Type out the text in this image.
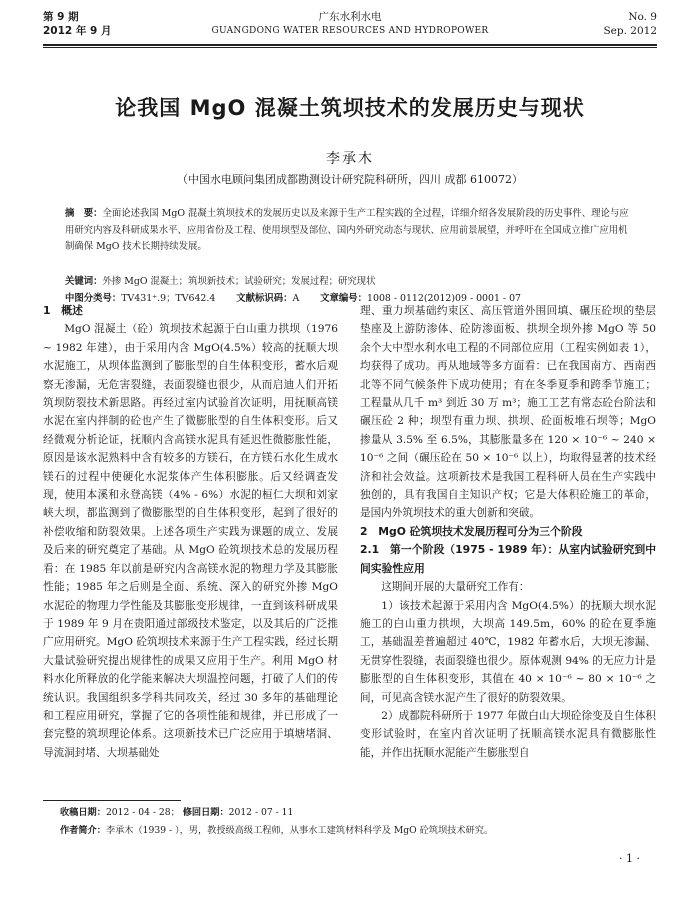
第 9 期
2012 年 9 月
广东水利水电
GUANGDONG WATER RESOURCES AND HYDROPOWER
No. 9
Sep. 2012
论我国 MgO 混凝土筑坝技术的发展历史与现状
李承木
（中国水电顾问集团成都勘测设计研究院科研所，四川 成都 610072）
摘　要：全面论述我国 MgO 混凝土筑坝技术的发展历史以及来源于生产工程实践的全过程，详细介绍各发展阶段的历史事件、理论与应用研究内容及科研成果水平、应用省份及工程、使用坝型及部位、国内外研究动态与现状、应用前景展望，并呼吁在全国成立推广应用机制确保 MgO 技术长期持续发展。
关键词：外掺 MgO 混凝土；筑坝新技术；试验研究；发展过程；研究现状
中图分类号：TV431⁺.9；TV642.4 文献标识码：A 文章编号：1008 - 0112(2012)09 - 0001 - 07
1　概述

MgO 混凝土（砼）筑坝技术起源于白山重力拱坝（1976 ~ 1982 年建），由于采用内含 MgO(4.5%）较高的抚顺大坝水泥施工，从坝体监测到了膨胀型的自生体积变形，蓄水后观察无渗漏，无危害裂缝，表面裂缝也很少，从而启迪人们开拓筑坝防裂技术新思路。再经过室内试验首次证明，用抚顺高镁水泥在室内拌制的砼也产生了微膨胀型的自生体积变形。后又经微观分析论证，抚顺内含高镁水泥具有延迟性微膨胀性能，原因是该水泥熟料中含有较多的方镁石，在方镁石水化生成水镁石的过程中使硬化水泥浆体产生体积膨胀。后又经调查发现，使用本溪和永登高镁（4% - 6%）水泥的桓仁大坝和刘家峡大坝，都监测到了微膨胀型的自生体积变形，起到了很好的补偿收缩和防裂效果。上述各项生产实践为课题的成立、发展及后来的研究奠定了基础。从 MgO 砼筑坝技术总的发展历程看：在 1985 年以前是研究内含高镁水泥的物理力学及其膨胀性能；1985 年之后则是全面、系统、深入的研究外掺 MgO 水泥砼的物理力学性能及其膨胀变形规律，一直到该科研成果于 1989 年 9 月在贵阳通过部级技术鉴定，以及其后的广泛推广应用研究。MgO 砼筑坝技术来源于生产工程实践，经过长期大量试验研究提出规律性的成果又应用于生产。利用 MgO 材料水化所释放的化学能来解决大坝温控问题，打破了人们的传统认识。我国组织多学科共同攻关，经过 30 多年的基础理论和工程应用研究，掌握了它的各项性能和规律，并已形成了一套完整的筑坝理论体系。这项新技术已广泛应用于填塘堵洞、导流洞封堵、大坝基础处

理、重力坝基础约束区、高压管道外围回填、碾压砼坝的垫层垫座及上游防渗体、砼防渗面板、拱坝全坝外掺 MgO 等 50 余个大中型水利水电工程的不同部位应用（工程实例如表 1），均获得了成功。再从地域等多方面看：已在我国南方、西南西北等不同气候条件下成功使用；有在冬季夏季和跨季节施工；工程量从几千 m³ 到近 30 万 m³；施工工艺有常态砼台阶法和碾压砼 2 种；坝型有重力坝、拱坝、砼面板堆石坝等；MgO 掺量从 3.5% 至 6.5%，其膨胀量多在 120 × 10⁻⁶ ~ 240 × 10⁻⁶ 之间（碾压砼在 50 × 10⁻⁶ 以上），均取得显著的技术经济和社会效益。这项新技术是我国工程科研人员在生产实践中独创的，具有我国自主知识产权；它是大体积砼施工的革命，是国内外筑坝技术的重大创新和突破。

2　MgO 砼筑坝技术发展历程可分为三个阶段
2.1　第一个阶段（1975 - 1989 年）：从室内试验研究到中间实验性应用

这期间开展的大量研究工作有：

1）该技术起源于采用内含 MgO(4.5%）的抚顺大坝水泥施工的白山重力拱坝，大坝高 149.5m，60% 的砼在夏季施工，基础温差普遍超过 40℃，1982 年蓄水后，大坝无渗漏、无贯穿性裂缝，表面裂缝也很少。原体观测 94% 的无应力计是膨胀型的自生体积变形，其值在 40 × 10⁻⁶ ~ 80 × 10⁻⁶ 之间，可见高含镁水泥产生了很好的防裂效果。

2）成都院科研所于 1977 年做白山大坝砼徐变及自生体积变形试验时，在室内首次证明了抚顺高镁水泥具有微膨胀性能，并作出抚顺水泥能产生膨胀型自

收稿日期：2012 - 04 - 28； 修回日期：2012 - 07 - 11
作者简介：李承木（1939 - ），男，教授级高级工程师，从事水工建筑材料科学及 MgO 砼筑坝技术研究。
· 1 ·
